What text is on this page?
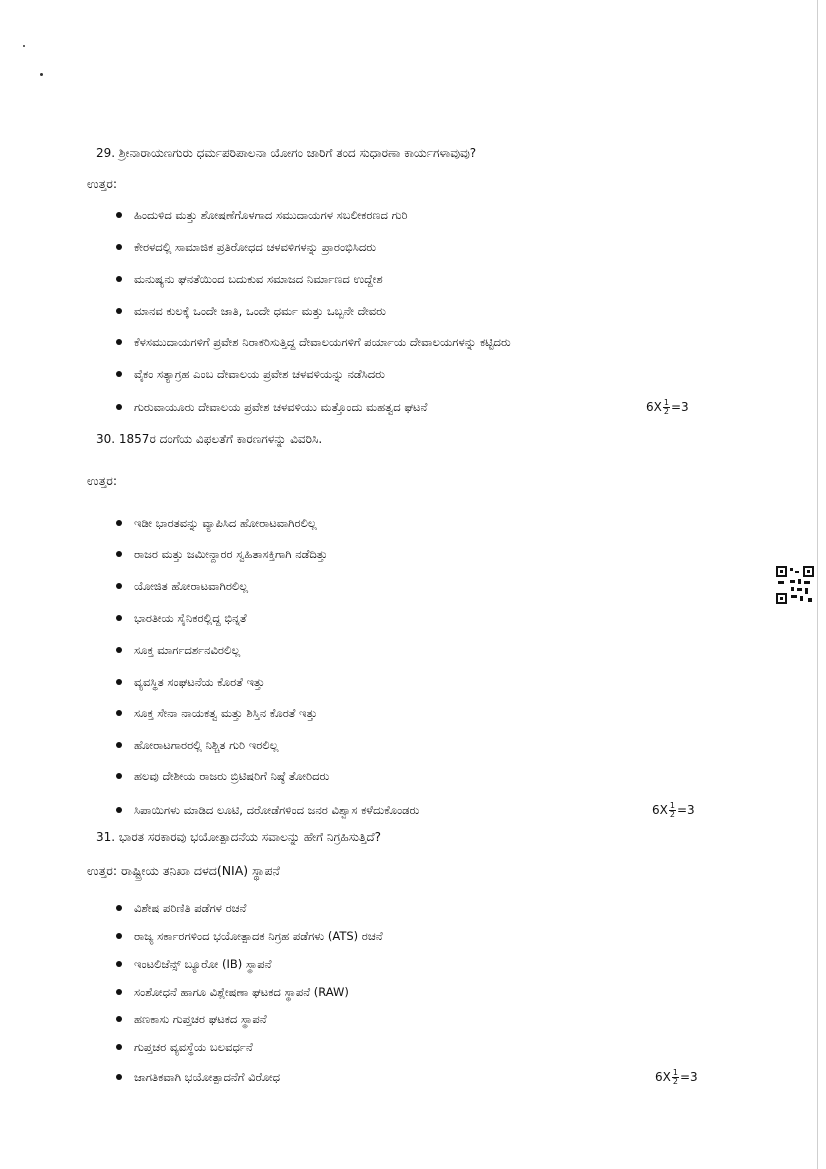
29. ಶ್ರೀನಾರಾಯಣಗುರು ಧರ್ಮಪರಿಪಾಲನಾ ಯೋಗಂ ಜಾರಿಗೆ ತಂದ ಸುಧಾರಣಾ ಕಾರ್ಯಗಳಾವುವು?
ಉತ್ತರ:
ಹಿಂದುಳಿದ ಮತ್ತು ಶೋಷಣೆಗೊಳಗಾದ ಸಮುದಾಯಗಳ ಸಬಲೀಕರಣದ ಗುರಿ
ಕೇರಳದಲ್ಲಿ ಸಾಮಾಜಿಕ ಪ್ರತಿರೋಧದ ಚಳವಳಿಗಳನ್ನು ಪ್ರಾರಂಭಿಸಿದರು
ಮನುಷ್ಯನು ಘನತೆಯಿಂದ ಬದುಕುವ ಸಮಾಜದ ನಿರ್ಮಾಣದ ಉದ್ದೇಶ
ಮಾನವ ಕುಲಕ್ಕೆ ಒಂದೇ ಜಾತಿ, ಒಂದೇ ಧರ್ಮ ಮತ್ತು ಒಬ್ಬನೇ ದೇವರು
ಕೆಳಸಮುದಾಯಗಳಿಗೆ ಪ್ರವೇಶ ನಿರಾಕರಿಸುತ್ತಿದ್ದ ದೇವಾಲಯಗಳಿಗೆ ಪರ್ಯಾಯ ದೇವಾಲಯಗಳನ್ನು ಕಟ್ಟಿದರು
ವೈಕಂ ಸತ್ಯಾಗ್ರಹ ಎಂಬ ದೇವಾಲಯ ಪ್ರವೇಶ ಚಳವಳಿಯನ್ನು ನಡೆಸಿದರು
ಗುರುವಾಯೂರು ದೇವಾಲಯ ಪ್ರವೇಶ ಚಳವಳಿಯು ಮತ್ತೊಂದು ಮಹತ್ವದ ಘಟನೆ	$6X \frac{1}{2} =3$
30. 1857ರ ದಂಗೆಯ ವಿಫಲತೆಗೆ ಕಾರಣಗಳನ್ನು ವಿವರಿಸಿ.
ಉತ್ತರ:
ಇಡೀ ಭಾರತವನ್ನು ವ್ಯಾಪಿಸಿದ ಹೋರಾಟವಾಗಿರಲಿಲ್ಲ
ರಾಜರ ಮತ್ತು ಜಮೀನ್ದಾರರ ಸ್ವಹಿತಾಸಕ್ತಿಗಾಗಿ ನಡೆದಿತ್ತು
ಯೋಜಿತ ಹೋರಾಟವಾಗಿರಲಿಲ್ಲ
ಭಾರತೀಯ ಸೈನಿಕರಲ್ಲಿದ್ದ ಭಿನ್ನತೆ
ಸೂಕ್ತ ಮಾರ್ಗದರ್ಶನವಿರಲಿಲ್ಲ
ವ್ಯವಸ್ಥಿತ ಸಂಘಟನೆಯ ಕೊರತೆ ಇತ್ತು
ಸೂಕ್ತ ಸೇನಾ ನಾಯಕತ್ವ ಮತ್ತು ಶಿಸ್ತಿನ ಕೊರತೆ ಇತ್ತು
ಹೋರಾಟಗಾರರಲ್ಲಿ ನಿಶ್ಚಿತ ಗುರಿ ಇರಲಿಲ್ಲ
ಹಲವು ದೇಶೀಯ ರಾಜರು ಬ್ರಿಟಿಷರಿಗೆ ನಿಷ್ಠೆ ತೋರಿದರು
ಸಿಪಾಯಿಗಳು ಮಾಡಿದ ಲೂಟಿ, ದರೋಡೆಗಳಿಂದ ಜನರ ವಿಶ್ವಾಸ ಕಳೆದುಕೊಂಡರು	$6X \frac{1}{2} =3$
31. ಭಾರತ ಸರಕಾರವು ಭಯೋತ್ಪಾದನೆಯ ಸವಾಲನ್ನು ಹೇಗೆ ನಿಗ್ರಹಿಸುತ್ತಿದೆ?
ಉತ್ತರ: ರಾಷ್ಟ್ರೀಯ ತನಿಖಾ ದಳದ(NIA) ಸ್ಥಾಪನೆ
ವಿಶೇಷ ಪರಿಣಿತಿ ಪಡೆಗಳ ರಚನೆ
ರಾಜ್ಯ ಸರ್ಕಾರಗಳಿಂದ ಭಯೋತ್ಪಾದಕ ನಿಗ್ರಹ ಪಡೆಗಳು (ATS) ರಚನೆ
ಇಂಟಲಿಜೆನ್ಸ್ ಬ್ಯೂರೋ (IB) ಸ್ಥಾಪನೆ
ಸಂಶೋಧನೆ ಹಾಗೂ ವಿಶ್ಲೇಷಣಾ ಘಟಕದ ಸ್ಥಾಪನೆ (RAW)
ಹಣಕಾಸು ಗುಪ್ತಚರ ಘಟಕದ ಸ್ಥಾಪನೆ
ಗುಪ್ತಚರ ವ್ಯವಸ್ಥೆಯ ಬಲವರ್ಧನೆ
ಜಾಗತಿಕವಾಗಿ ಭಯೋತ್ಪಾದನೆಗೆ ವಿರೋಧ	$6X \frac{1}{2} =3$
